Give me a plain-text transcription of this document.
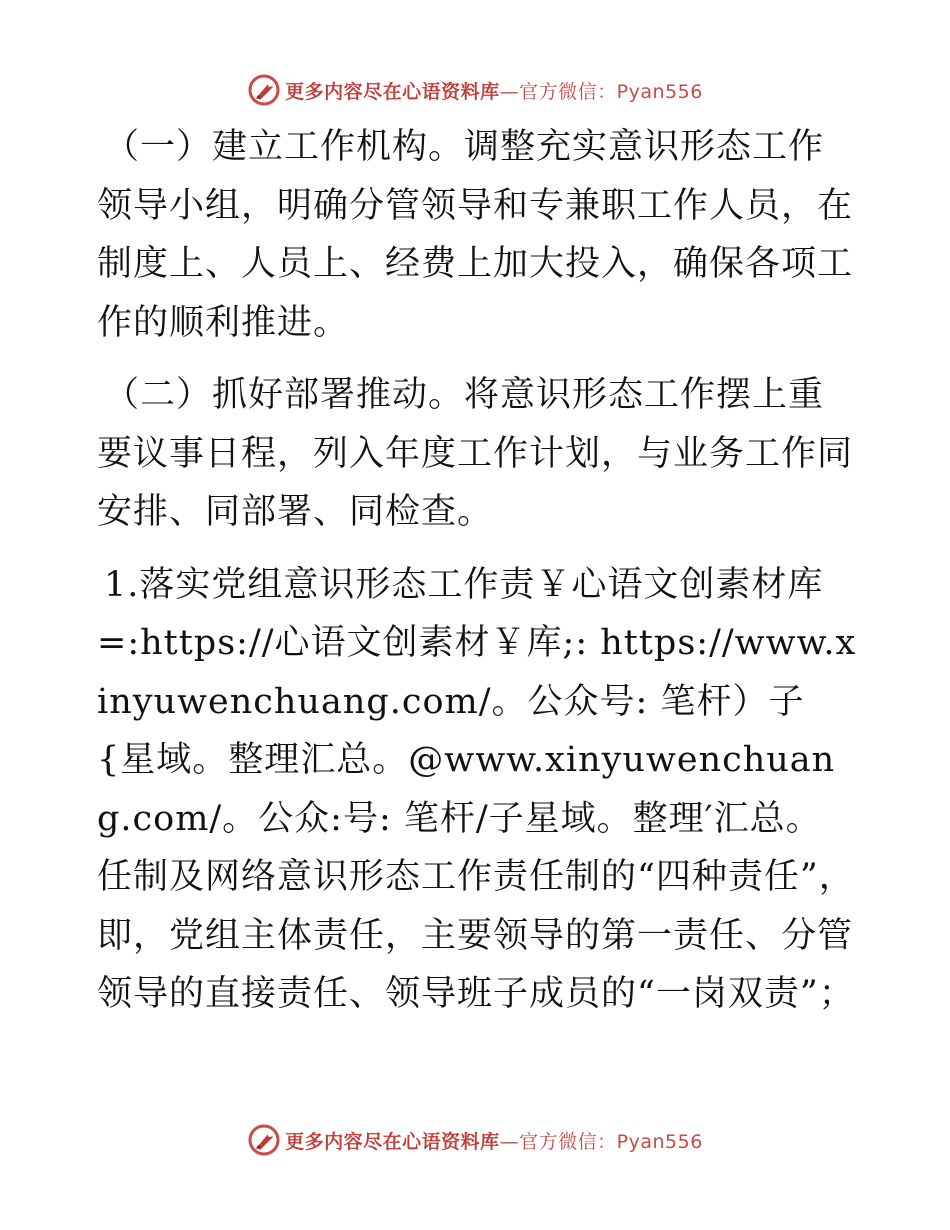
更多内容尽在心语资料库—官方微信：Pyan556

（一）建立工作机构。调整充实意识形态工作领导小组，明确分管领导和专兼职工作人员，在制度上、人员上、经费上加大投入，确保各项工作的顺利推进。

（二）抓好部署推动。将意识形态工作摆上重要议事日程，列入年度工作计划，与业务工作同安排、同部署、同检查。

1.落实党组意识形态工作责￥心语文创素材库=:https://心语文创素材￥库;: https://www.xinyuwenchuang.com/。公众号: 笔杆）子{星域。整理汇总。@www.xinyuwenchuang.com/。公众:号: 笔杆/子星域。整理′汇总。任制及网络意识形态工作责任制的“四种责任”，即，党组主体责任，主要领导的第一责任、分管领导的直接责任、领导班子成员的“一岗双责”；

更多内容尽在心语资料库—官方微信：Pyan556
